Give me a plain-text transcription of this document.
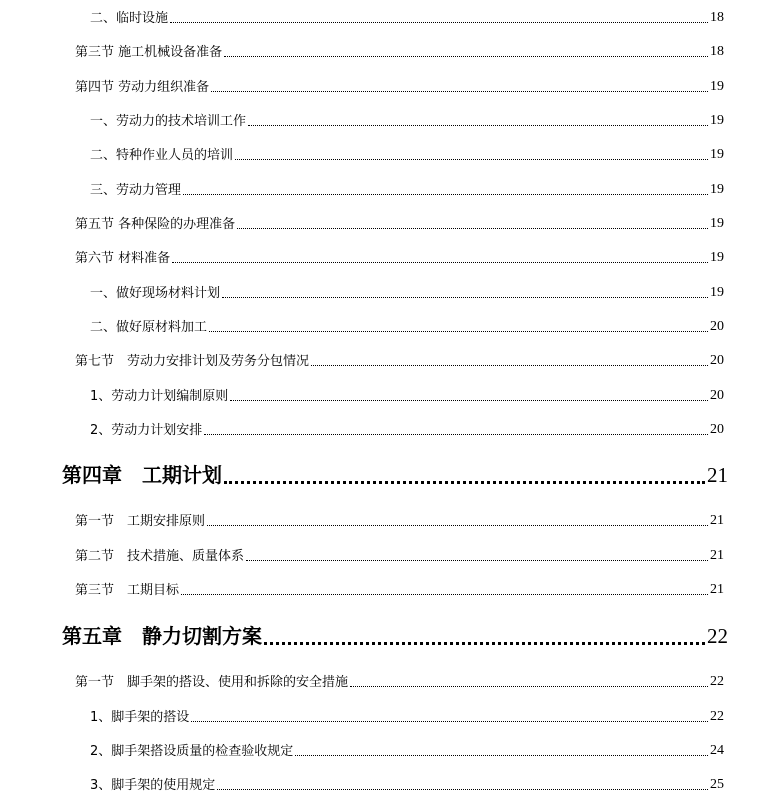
二、临时设施	18
第三节 施工机械设备准备	18
第四节 劳动力组织准备	19
一、劳动力的技术培训工作	19
二、特种作业人员的培训	19
三、劳动力管理	19
第五节 各种保险的办理准备	19
第六节 材料准备	19
一、做好现场材料计划	19
二、做好原材料加工	20
第七节　劳动力安排计划及劳务分包情况	20
1、劳动力计划编制原则	20
2、劳动力计划安排	20
第四章　工期计划	21
第一节　工期安排原则	21
第二节　技术措施、质量体系	21
第三节　工期目标	21
第五章　静力切割方案	22
第一节　脚手架的搭设、使用和拆除的安全措施	22
1、脚手架的搭设	22
2、脚手架搭设质量的检查验收规定	24
3、脚手架的使用规定	25
